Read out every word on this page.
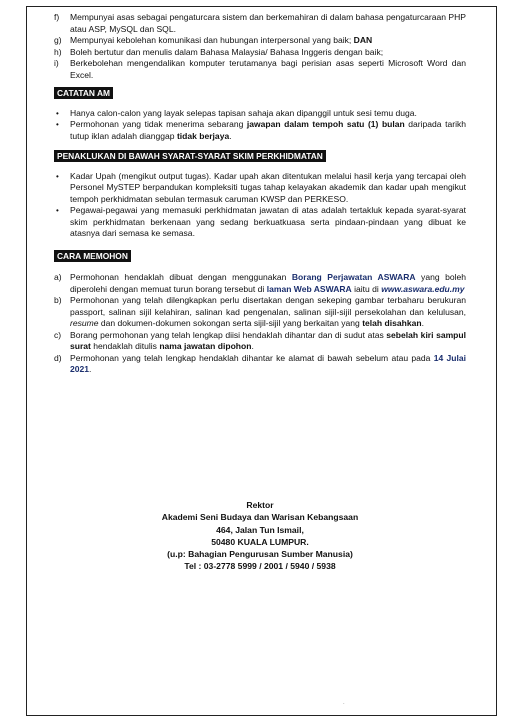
f)	Mempunyai asas sebagai pengaturcara sistem dan berkemahiran di dalam bahasa pengaturcaraan PHP atau ASP, MySQL dan SQL.
g) Mempunyai kebolehan komunikasi dan hubungan interpersonal yang baik; DAN
h) Boleh bertutur dan menulis dalam Bahasa Malaysia/ Bahasa Inggeris dengan baik;
i)	Berkebolehan mengendalikan komputer terutamanya bagi perisian asas seperti Microsoft Word dan Excel.
CATATAN AM
•	Hanya calon-calon yang layak selepas tapisan sahaja akan dipanggil untuk sesi temu duga.
•	Permohonan yang tidak menerima sebarang jawapan dalam tempoh satu (1) bulan daripada tarikh tutup iklan adalah dianggap tidak berjaya.
PENAKLUKAN DI BAWAH SYARAT-SYARAT SKIM PERKHIDMATAN
•	Kadar Upah (mengikut output tugas). Kadar upah akan ditentukan melalui hasil kerja yang tercapai oleh Personel MySTEP berpandukan kompleksiti tugas tahap kelayakan akademik dan kadar upah mengikut tempoh perkhidmatan sebulan termasuk caruman KWSP dan PERKESO.
•	Pegawai-pegawai yang memasuki perkhidmatan jawatan di atas adalah tertakluk kepada syarat-syarat skim perkhidmatan berkenaan yang sedang berkuatkuasa serta pindaan-pindaan yang dibuat ke atasnya dari semasa ke semasa.
CARA MEMOHON
a) Permohonan hendaklah dibuat dengan menggunakan Borang Perjawatan ASWARA yang boleh diperolehi dengan memuat turun borang tersebut di laman Web ASWARA iaitu di www.aswara.edu.my
b) Permohonan yang telah dilengkapkan perlu disertakan dengan sekeping gambar terbaharu berukuran passport, salinan sijil kelahiran, salinan kad pengenalan, salinan sijil-sijil persekolahan dan kelulusan, resume dan dokumen-dokumen sokongan serta sijil-sijil yang berkaitan yang telah disahkan.
c)	Borang permohonan yang telah lengkap diisi hendaklah dihantar dan di sudut atas sebelah kiri sampul surat hendaklah ditulis nama jawatan dipohon.
d) Permohonan yang telah lengkap hendaklah dihantar ke alamat di bawah sebelum atau pada 14 Julai 2021.
Rektor
Akademi Seni Budaya dan Warisan Kebangsaan
464, Jalan Tun Ismail,
50480 KUALA LUMPUR.
(u.p: Bahagian Pengurusan Sumber Manusia)
Tel : 03-2778 5999 / 2001 / 5940 / 5938
.
